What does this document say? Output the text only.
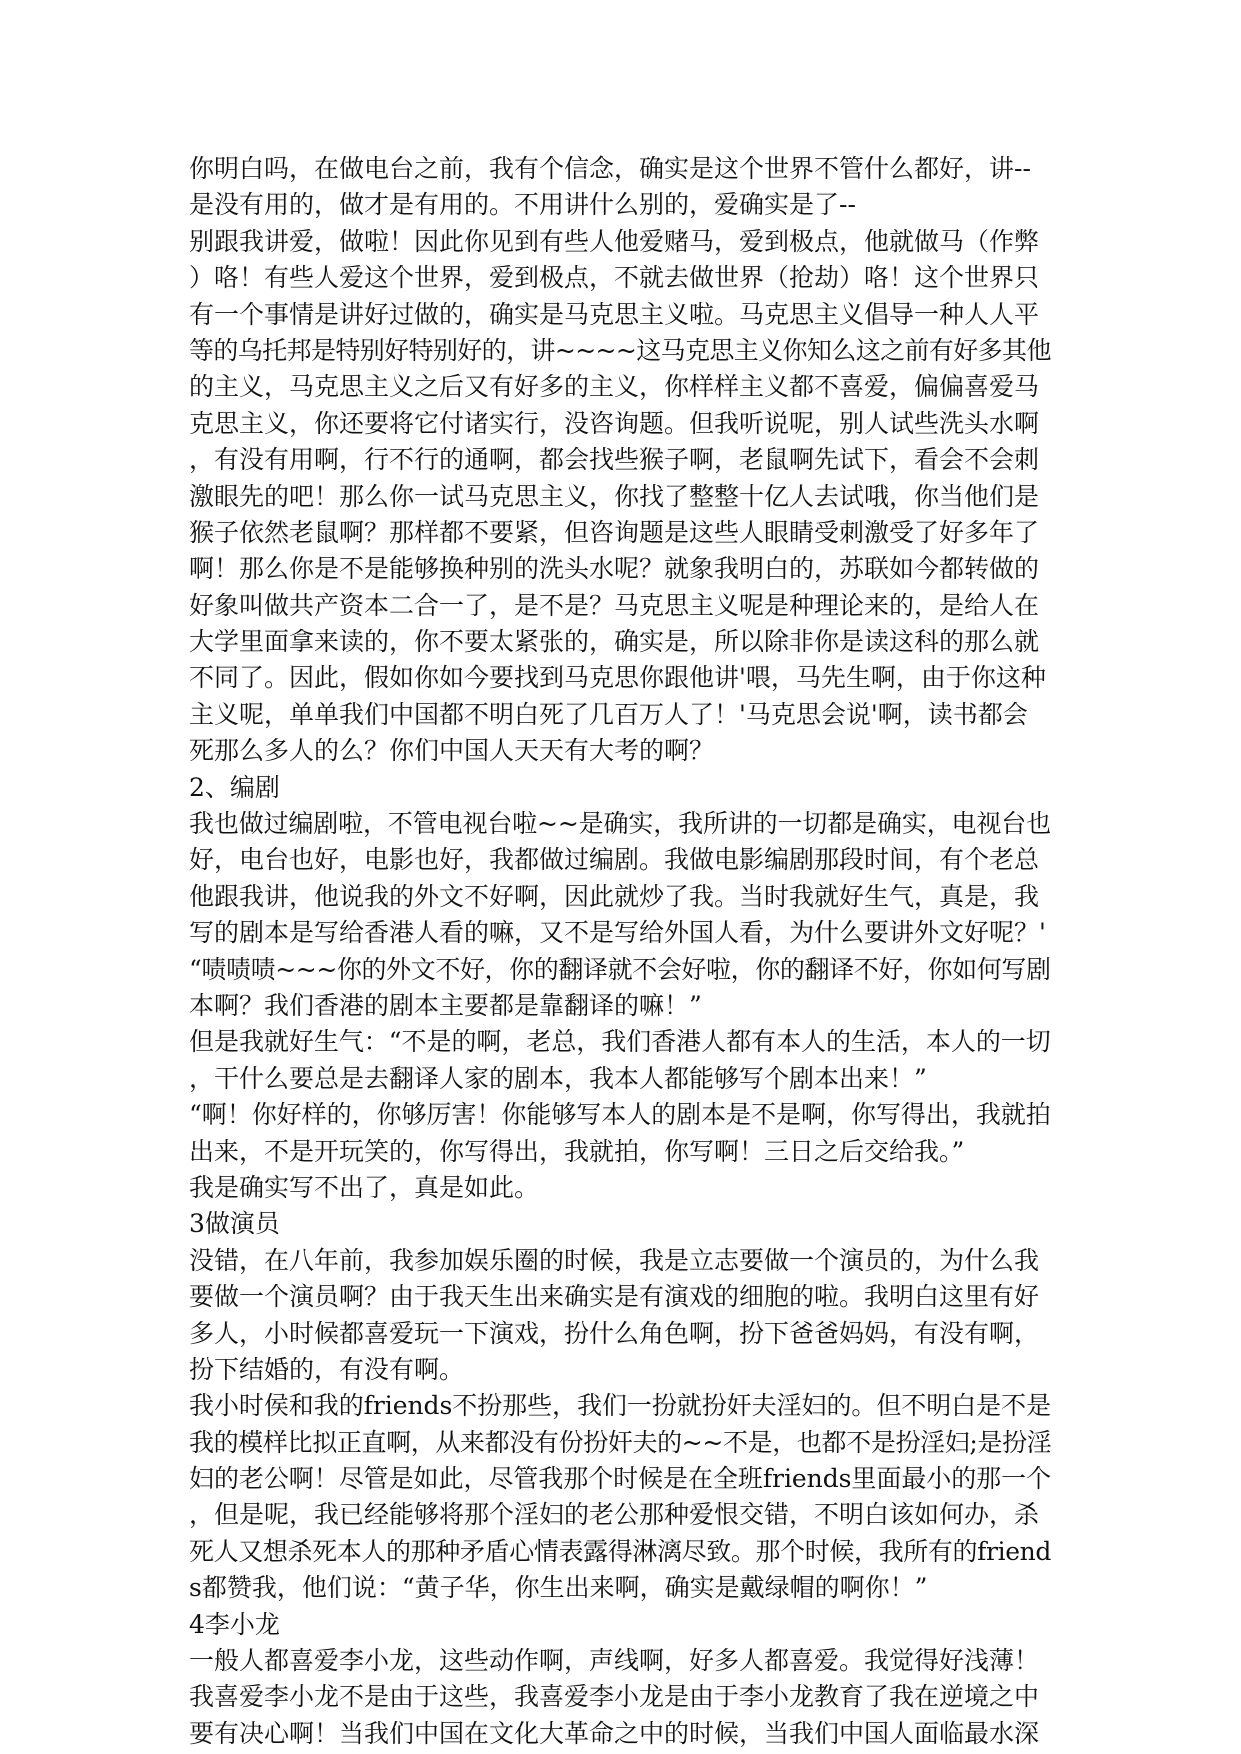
你明白吗，在做电台之前，我有个信念，确实是这个世界不管什么都好，讲--
是没有用的，做才是有用的。不用讲什么别的，爱确实是了--
别跟我讲爱，做啦！因此你见到有些人他爱赌马，爱到极点，他就做马（作弊
）咯！有些人爱这个世界，爱到极点，不就去做世界（抢劫）咯！这个世界只
有一个事情是讲好过做的，确实是马克思主义啦。马克思主义倡导一种人人平
等的乌托邦是特别好特别好的，讲~~~~这马克思主义你知么这之前有好多其他
的主义，马克思主义之后又有好多的主义，你样样主义都不喜爱，偏偏喜爱马
克思主义，你还要将它付诸实行，没咨询题。但我听说呢，别人试些洗头水啊
，有没有用啊，行不行的通啊，都会找些猴子啊，老鼠啊先试下，看会不会刺
激眼先的吧！那么你一试马克思主义，你找了整整十亿人去试哦，你当他们是
猴子依然老鼠啊？那样都不要紧，但咨询题是这些人眼睛受刺激受了好多年了
啊！那么你是不是能够换种别的洗头水呢？就象我明白的，苏联如今都转做的
好象叫做共产资本二合一了，是不是？马克思主义呢是种理论来的，是给人在
大学里面拿来读的，你不要太紧张的，确实是，所以除非你是读这科的那么就
不同了。因此，假如你如今要找到马克思你跟他讲'喂，马先生啊，由于你这种
主义呢，单单我们中国都不明白死了几百万人了！'马克思会说'啊，读书都会
死那么多人的么？你们中国人天天有大考的啊？
2、编剧
我也做过编剧啦，不管电视台啦~~是确实，我所讲的一切都是确实，电视台也
好，电台也好，电影也好，我都做过编剧。我做电影编剧那段时间，有个老总
他跟我讲，他说我的外文不好啊，因此就炒了我。当时我就好生气，真是，我
写的剧本是写给香港人看的嘛，又不是写给外国人看，为什么要讲外文好呢？'
“啧啧啧~~~你的外文不好，你的翻译就不会好啦，你的翻译不好，你如何写剧
本啊？我们香港的剧本主要都是靠翻译的嘛！”
但是我就好生气：“不是的啊，老总，我们香港人都有本人的生活，本人的一切
，干什么要总是去翻译人家的剧本，我本人都能够写个剧本出来！”
“啊！你好样的，你够厉害！你能够写本人的剧本是不是啊，你写得出，我就拍
出来，不是开玩笑的，你写得出，我就拍，你写啊！三日之后交给我。”
我是确实写不出了，真是如此。
3做演员
没错，在八年前，我参加娱乐圈的时候，我是立志要做一个演员的，为什么我
要做一个演员啊？由于我天生出来确实是有演戏的细胞的啦。我明白这里有好
多人，小时候都喜爱玩一下演戏，扮什么角色啊，扮下爸爸妈妈，有没有啊，
扮下结婚的，有没有啊。
我小时侯和我的friends不扮那些，我们一扮就扮奸夫淫妇的。但不明白是不是
我的模样比拟正直啊，从来都没有份扮奸夫的~~不是，也都不是扮淫妇;是扮淫
妇的老公啊！尽管是如此，尽管我那个时候是在全班friends里面最小的那一个
，但是呢，我已经能够将那个淫妇的老公那种爱恨交错，不明白该如何办，杀
死人又想杀死本人的那种矛盾心情表露得淋漓尽致。那个时候，我所有的friend
s都赞我，他们说：“黄子华，你生出来啊，确实是戴绿帽的啊你！”
4李小龙
一般人都喜爱李小龙，这些动作啊，声线啊，好多人都喜爱。我觉得好浅薄！
我喜爱李小龙不是由于这些，我喜爱李小龙是由于李小龙教育了我在逆境之中
要有决心啊！当我们中国在文化大革命之中的时候，当我们中国人面临最水深
